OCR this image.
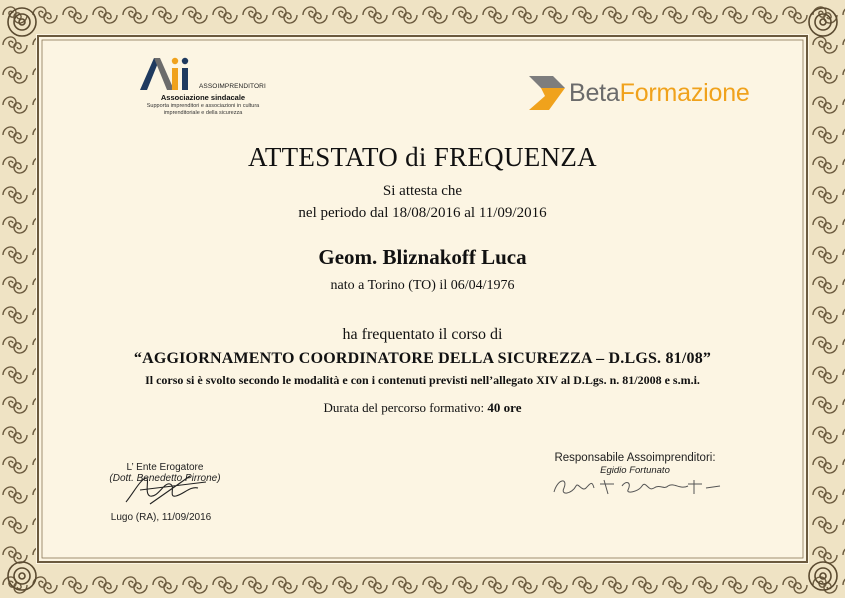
ASSOIMPRENDITORI
Associazione sindacale
Supporta imprenditori e associazioni in cultura imprenditoriale e della sicurezza
BetaFormazione
ATTESTATO di FREQUENZA
Si attesta che
nel periodo dal 18/08/2016 al 11/09/2016
Geom. Bliznakoff Luca
nato a Torino (TO) il 06/04/1976
ha frequentato il corso di
“AGGIORNAMENTO COORDINATORE DELLA SICUREZZA – D.LGS. 81/08”
Il corso si è svolto secondo le modalità e con i contenuti previsti nell’allegato XIV al D.Lgs. n. 81/2008 e s.m.i.
Durata del percorso formativo: 40 ore
L’ Ente Erogatore
(Dott. Benedetto Pirrone)
Lugo (RA), 11/09/2016
Responsabile Assoimprenditori:
Egidio Fortunato
